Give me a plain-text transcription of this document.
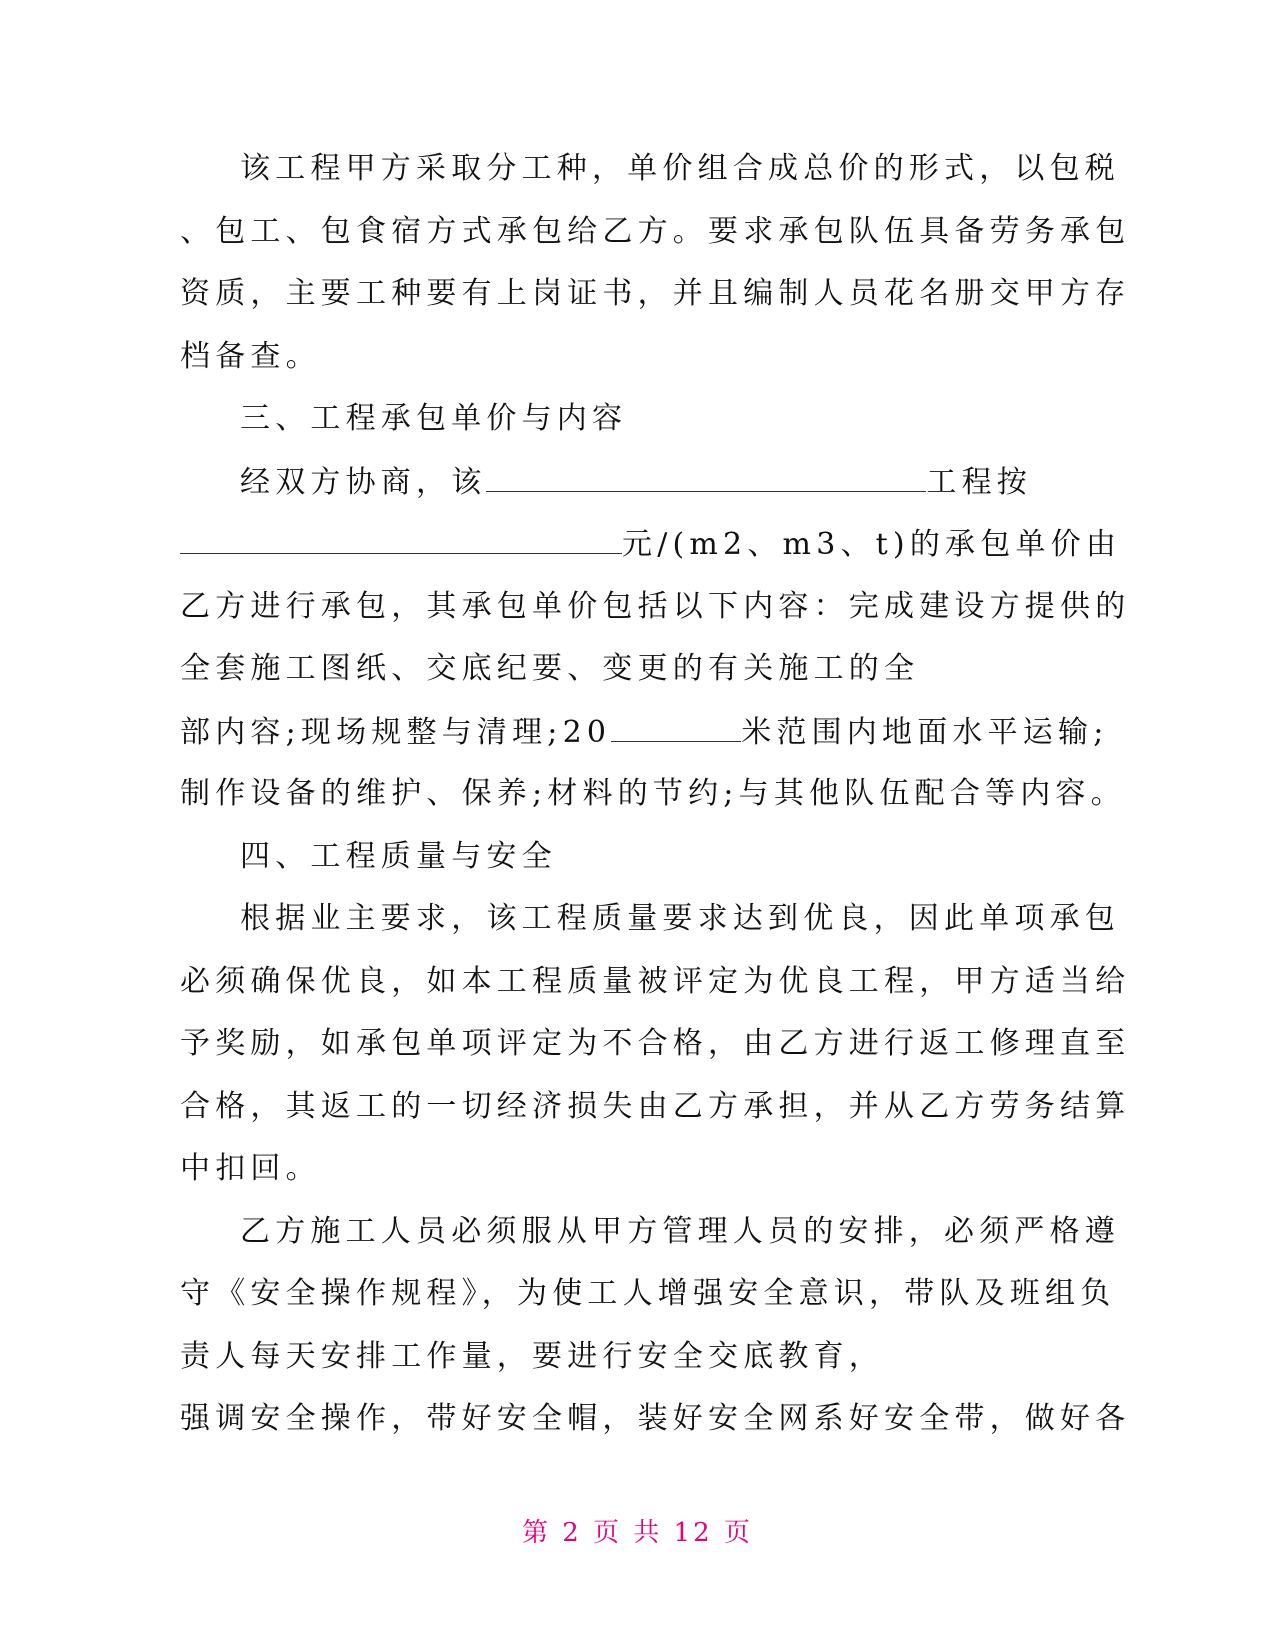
该工程甲方采取分工种，单价组合成总价的形式，以包税
、包工、包食宿方式承包给乙方。要求承包队伍具备劳务承包
资质，主要工种要有上岗证书，并且编制人员花名册交甲方存
档备查。
三、工程承包单价与内容
经双方协商，该	工程按
元/(m2、m3、t)的承包单价由
乙方进行承包，其承包单价包括以下内容：完成建设方提供的
全套施工图纸、交底纪要、变更的有关施工的全
部内容;现场规整与清理;20	米范围内地面水平运输;
制作设备的维护、保养;材料的节约;与其他队伍配合等内容。
四、工程质量与安全
根据业主要求，该工程质量要求达到优良，因此单项承包
必须确保优良，如本工程质量被评定为优良工程，甲方适当给
予奖励，如承包单项评定为不合格，由乙方进行返工修理直至
合格，其返工的一切经济损失由乙方承担，并从乙方劳务结算
中扣回。
乙方施工人员必须服从甲方管理人员的安排，必须严格遵
守《安全操作规程》，为使工人增强安全意识，带队及班组负
责人每天安排工作量，要进行安全交底教育，
强调安全操作，带好安全帽，装好安全网系好安全带，做好各
第 2 页 共 12 页
